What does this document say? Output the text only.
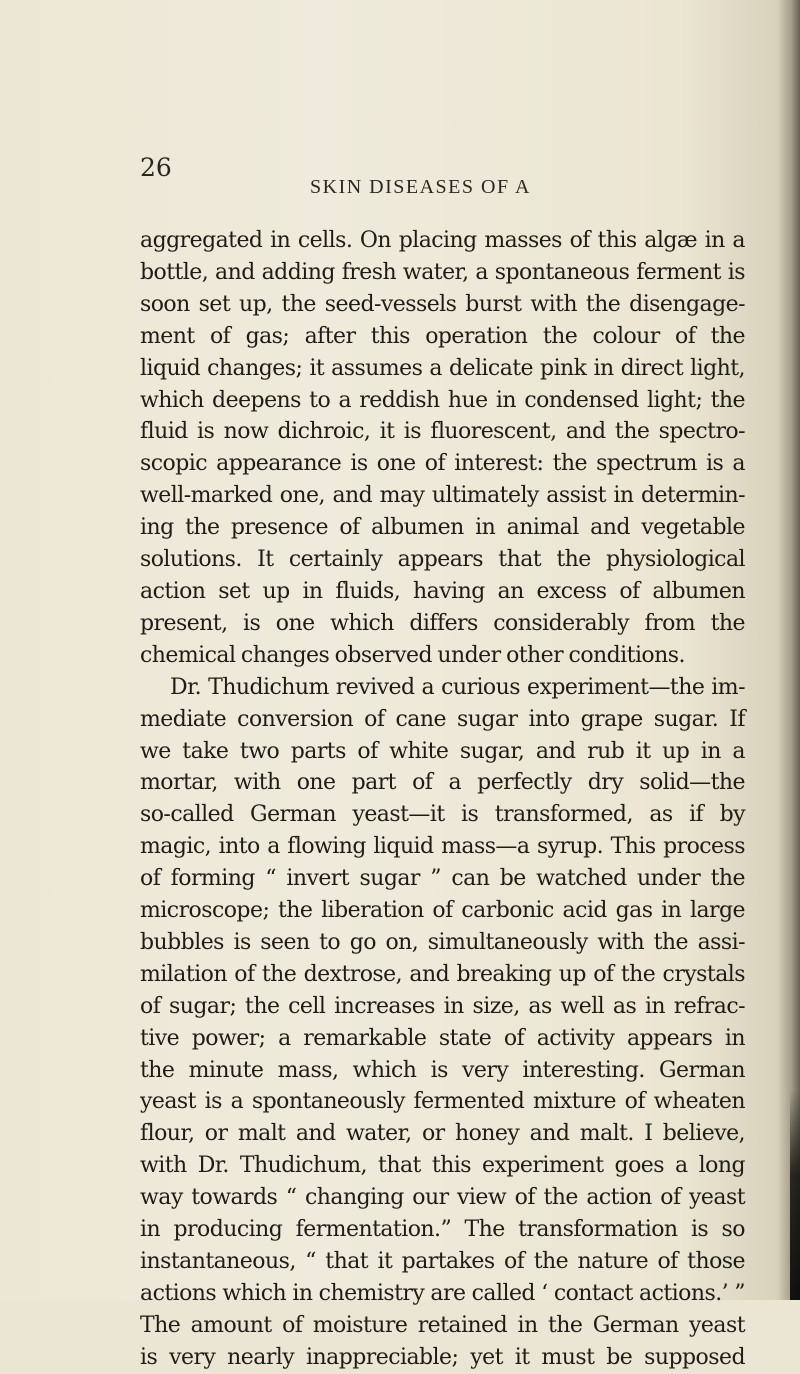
26

SKIN DISEASES OF A

aggregated in cells. On placing masses of this algæ in a
bottle, and adding fresh water, a spontaneous ferment is
soon set up, the seed-vessels burst with the disengage-
ment of gas; after this operation the colour of the
liquid changes; it assumes a delicate pink in direct light,
which deepens to a reddish hue in condensed light; the
fluid is now dichroic, it is fluorescent, and the spectro-
scopic appearance is one of interest: the spectrum is a
well-marked one, and may ultimately assist in determin-
ing the presence of albumen in animal and vegetable
solutions. It certainly appears that the physiological
action set up in fluids, having an excess of albumen
present, is one which differs considerably from the
chemical changes observed under other conditions.
Dr. Thudichum revived a curious experiment—the im-
mediate conversion of cane sugar into grape sugar. If
we take two parts of white sugar, and rub it up in a
mortar, with one part of a perfectly dry solid—the
so-called German yeast—it is transformed, as if by
magic, into a flowing liquid mass—a syrup. This process
of forming “ invert sugar ” can be watched under the
microscope; the liberation of carbonic acid gas in large
bubbles is seen to go on, simultaneously with the assi-
milation of the dextrose, and breaking up of the crystals
of sugar; the cell increases in size, as well as in refrac-
tive power; a remarkable state of activity appears in
the minute mass, which is very interesting. German
yeast is a spontaneously fermented mixture of wheaten
flour, or malt and water, or honey and malt. I believe,
with Dr. Thudichum, that this experiment goes a long
way towards “ changing our view of the action of yeast
in producing fermentation.” The transformation is so
instantaneous, “ that it partakes of the nature of those
actions which in chemistry are called ‘ contact actions.’ ”
The amount of moisture retained in the German yeast
is very nearly inappreciable; yet it must be supposed
